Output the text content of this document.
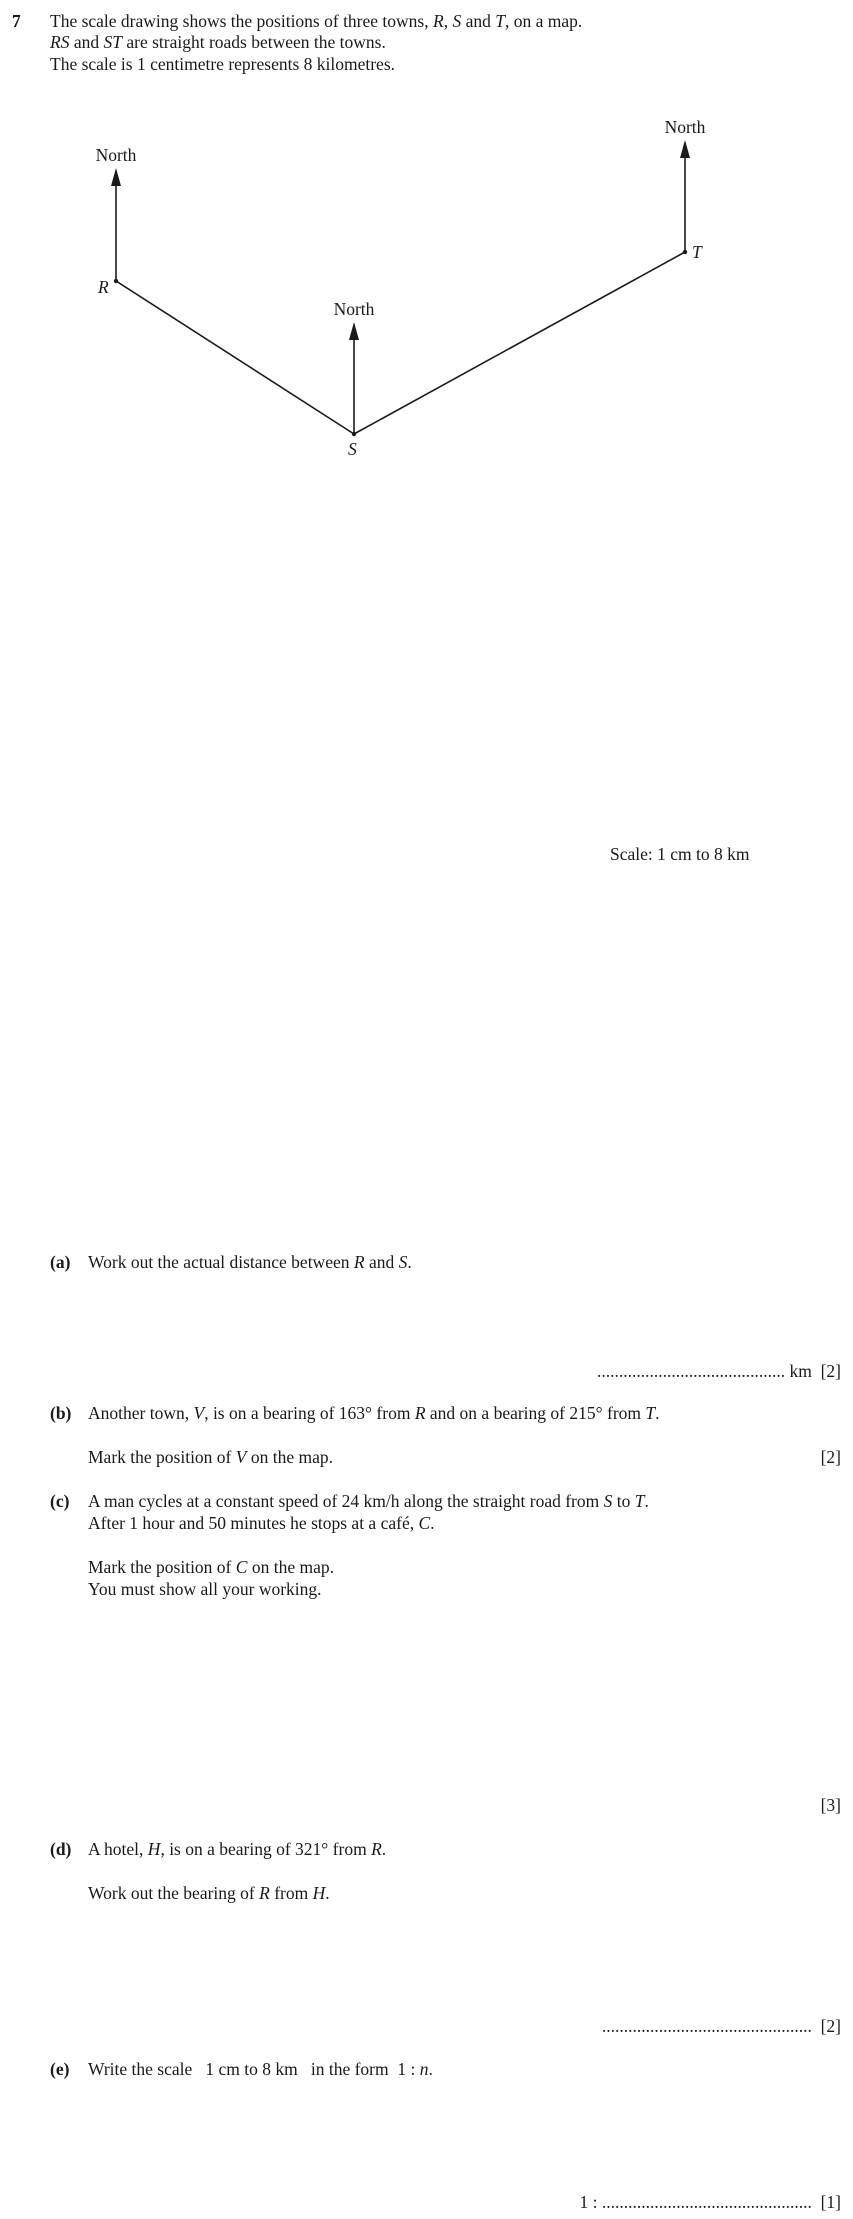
7 The scale drawing shows the positions of three towns, R, S and T, on a map.
RS and ST are straight roads between the towns.
The scale is 1 centimetre represents 8 kilometres.
North
North
North
R
S
T
Scale: 1 cm to 8 km
(a) Work out the actual distance between R and S.
........................................... km [2]
(b) Another town, V, is on a bearing of 163° from R and on a bearing of 215° from T.
Mark the position of V on the map.	[2]
(c) A man cycles at a constant speed of 24 km/h along the straight road from S to T.
After 1 hour and 50 minutes he stops at a café, C.
Mark the position of C on the map.
You must show all your working.
[3]
(d) A hotel, H, is on a bearing of 321° from R.
Work out the bearing of R from H.
................................................ [2]
(e) Write the scale   1 cm to 8 km   in the form  1 : n.
1 : ................................................ [1]
